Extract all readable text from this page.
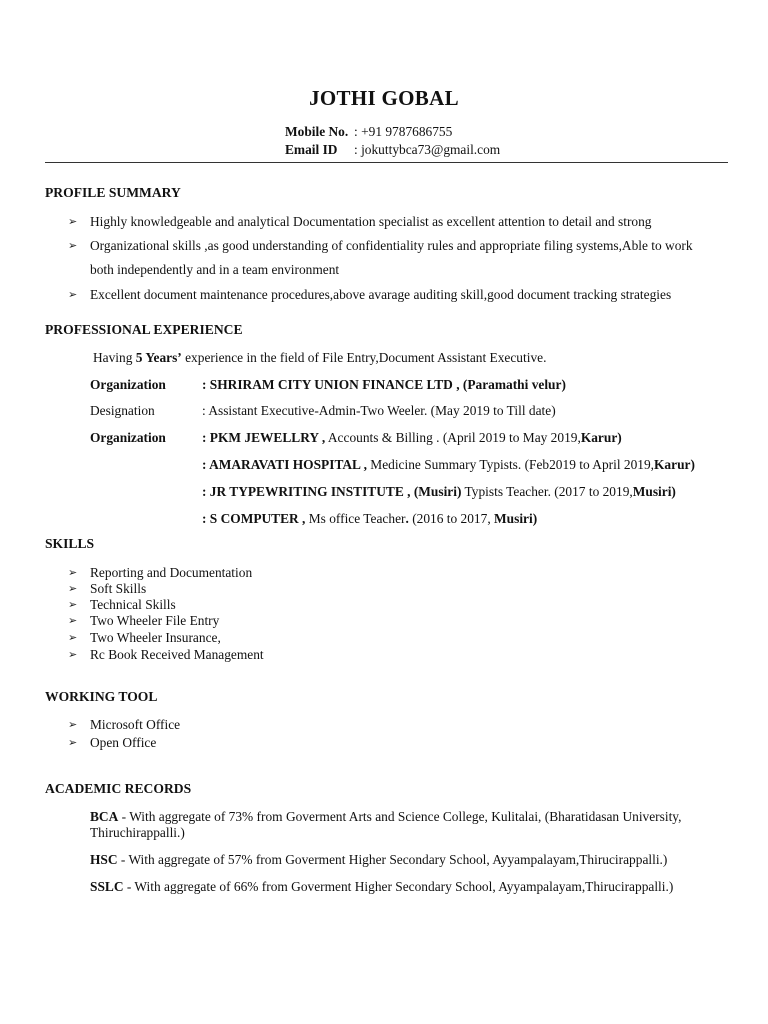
JOTHI GOBAL
Mobile No. : +91 9787686755
Email ID : jokuttybca73@gmail.com
PROFILE SUMMARY
➢ Highly knowledgeable and analytical Documentation specialist as excellent attention to detail and strong
➢ Organizational skills ,as good understanding of confidentiality rules and appropriate filing systems,Able to work
both independently and in a team environment
➢ Excellent document maintenance procedures,above avarage auditing skill,good document tracking strategies
PROFESSIONAL EXPERIENCE
Having 5 Years’ experience in the field of File Entry,Document Assistant Executive.
Organization	: SHRIRAM CITY UNION FINANCE LTD , (Paramathi velur)
Designation	: Assistant Executive-Admin-Two Weeler. (May 2019 to Till date)
Organization	: PKM JEWELLRY , Accounts & Billing . (April 2019 to May 2019,Karur)
: AMARAVATI HOSPITAL , Medicine Summary Typists. (Feb2019 to April 2019,Karur)
: JR TYPEWRITING INSTITUTE , (Musiri) Typists Teacher. (2017 to 2019,Musiri)
: S COMPUTER , Ms office Teacher. (2016 to 2017, Musiri)
SKILLS
➢ Reporting and Documentation
➢ Soft Skills
➢ Technical Skills
➢ Two Wheeler File Entry
➢ Two Wheeler Insurance,
➢ Rc Book Received Management
WORKING TOOL
➢ Microsoft Office
➢ Open Office
ACADEMIC RECORDS
BCA - With aggregate of 73% from Goverment Arts and Science College, Kulitalai, (Bharatidasan University,
Thiruchirappalli.)
HSC - With aggregate of 57% from Goverment Higher Secondary School, Ayyampalayam,Thirucirappalli.)
SSLC - With aggregate of 66% from Goverment Higher Secondary School, Ayyampalayam,Thirucirappalli.)
